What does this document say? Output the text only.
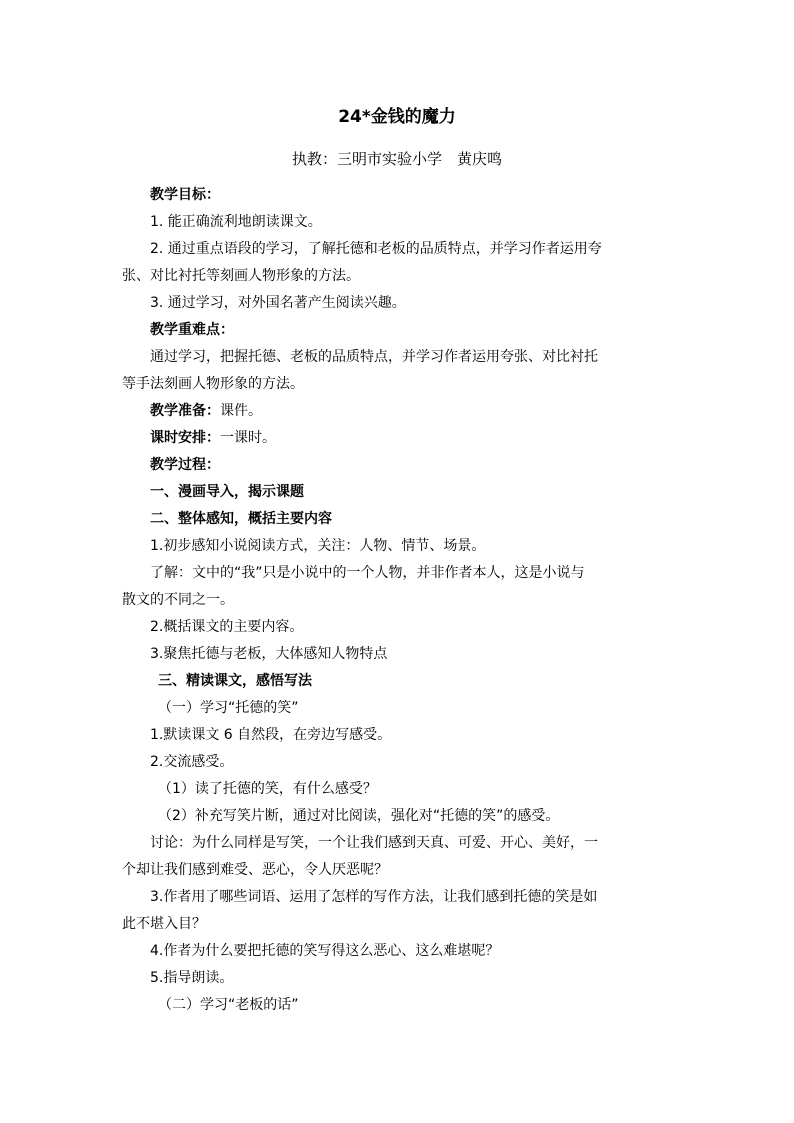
24*金钱的魔力
执教：三明市实验小学　黄庆鸣
教学目标：
1. 能正确流利地朗读课文。
2. 通过重点语段的学习，了解托德和老板的品质特点，并学习作者运用夸
张、对比衬托等刻画人物形象的方法。
3. 通过学习，对外国名著产生阅读兴趣。
教学重难点：
通过学习，把握托德、老板的品质特点，并学习作者运用夸张、对比衬托
等手法刻画人物形象的方法。
教学准备：课件。
课时安排：一课时。
教学过程：
一、漫画导入，揭示课题
二、整体感知，概括主要内容
1.初步感知小说阅读方式，关注：人物、情节、场景。
了解：文中的“我”只是小说中的一个人物，并非作者本人，这是小说与
散文的不同之一。
2.概括课文的主要内容。
3.聚焦托德与老板，大体感知人物特点
三、精读课文，感悟写法
（一）学习“托德的笑”
1.默读课文 6 自然段，在旁边写感受。
2.交流感受。
（1）读了托德的笑，有什么感受？
（2）补充写笑片断，通过对比阅读，强化对“托德的笑”的感受。
讨论：为什么同样是写笑，一个让我们感到天真、可爱、开心、美好，一
个却让我们感到难受、恶心，令人厌恶呢？
3.作者用了哪些词语、运用了怎样的写作方法，让我们感到托德的笑是如
此不堪入目？
4.作者为什么要把托德的笑写得这么恶心、这么难堪呢？
5.指导朗读。
（二）学习“老板的话”
